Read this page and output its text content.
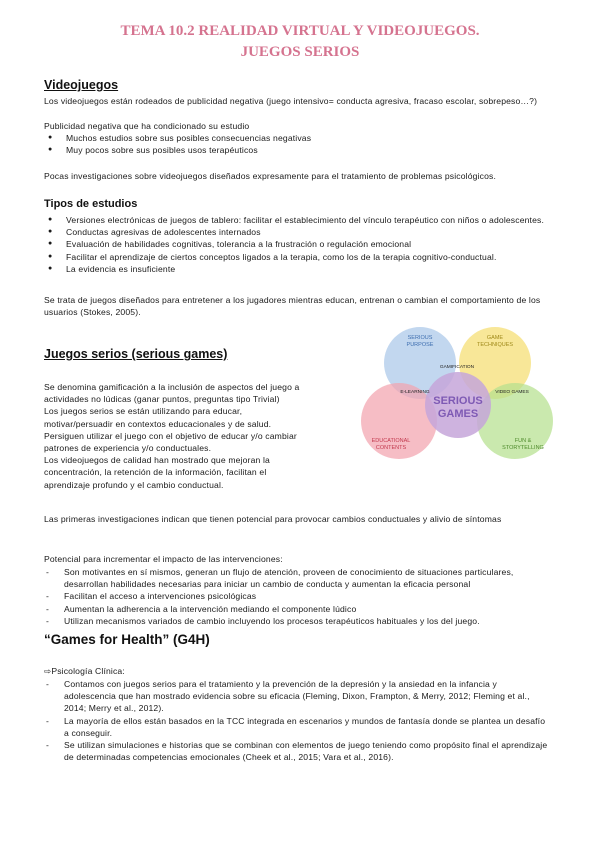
TEMA 10.2 REALIDAD VIRTUAL Y VIDEOJUEGOS.
JUEGOS SERIOS
Videojuegos

Los videojuegos están rodeados de publicidad negativa (juego intensivo= conducta agresiva, fracaso escolar, sobrepeso…?)

Publicidad negativa que ha condicionado su estudio

● Muchos estudios sobre sus posibles consecuencias negativas
● Muy pocos sobre sus posibles usos terapéuticos

Pocas investigaciones sobre videojuegos diseñados expresamente para el tratamiento de problemas psicológicos.

Tipos de estudios
● Versiones electrónicas de juegos de tablero: facilitar el establecimiento del vínculo terapéutico con niños o adolescentes.
● Conductas agresivas de adolescentes internados
● Evaluación de habilidades cognitivas, tolerancia a la frustración o regulación emocional
● Facilitar el aprendizaje de ciertos conceptos ligados a la terapia, como los de la terapia cognitivo-conductual.
● La evidencia es insuficiente

Se trata de juegos diseñados para entretener a los jugadores mientras educan, entrenan o cambian el comportamiento de los usuarios (Stokes, 2005).

Juegos serios (serious games)
Se denomina gamificación a la inclusión de aspectos del juego a
actividades no lúdicas (ganar puntos, preguntas tipo Trivial)
Los juegos serios se están utilizando para educar,
motivar/persuadir en contextos educacionales y de salud.
Persiguen utilizar el juego con el objetivo de educar y/o cambiar
patrones de experiencia y/o conductuales.
Los videojuegos de calidad han mostrado que mejoran la
concentración, la retención de la información, facilitan el
aprendizaje profundo y el cambio conductual.
SERIOUS
PURPOSE
GAME
TECHNIQUES
GAMIFICATION
E-LEARNING	VIDEO GAMES
SERIOUS
GAMES
EDUCATIONAL
CONTENTS
FUN &
STORYTELLING

Las primeras investigaciones indican que tienen potencial para provocar cambios conductuales y alivio de síntomas

Potencial para incrementar el impacto de las intervenciones:

- Son motivantes en sí mismos, generan un flujo de atención, proveen de conocimiento de situaciones particulares, desarrollan habilidades necesarias para iniciar un cambio de conducta y aumentan la eficacia personal
- Facilitan el acceso a intervenciones psicológicas
- Aumentan la adherencia a la intervención mediando el componente lúdico
- Utilizan mecanismos variados de cambio incluyendo los procesos terapéuticos habituales y los del juego.
“Games for Health” (G4H)

⇨Psicología Clínica:

- Contamos con juegos serios para el tratamiento y la prevención de la depresión y la ansiedad en la infancia y adolescencia que han mostrado evidencia sobre su eficacia (Fleming, Dixon, Frampton, & Merry, 2012; Fleming et al., 2014; Merry et al., 2012).
- La mayoría de ellos están basados en la TCC integrada en escenarios y mundos de fantasía donde se plantea un desafío a conseguir.
- Se utilizan simulaciones e historias que se combinan con elementos de juego teniendo como propósito final el aprendizaje de determinadas competencias emocionales (Cheek et al., 2015; Vara et al., 2016).
